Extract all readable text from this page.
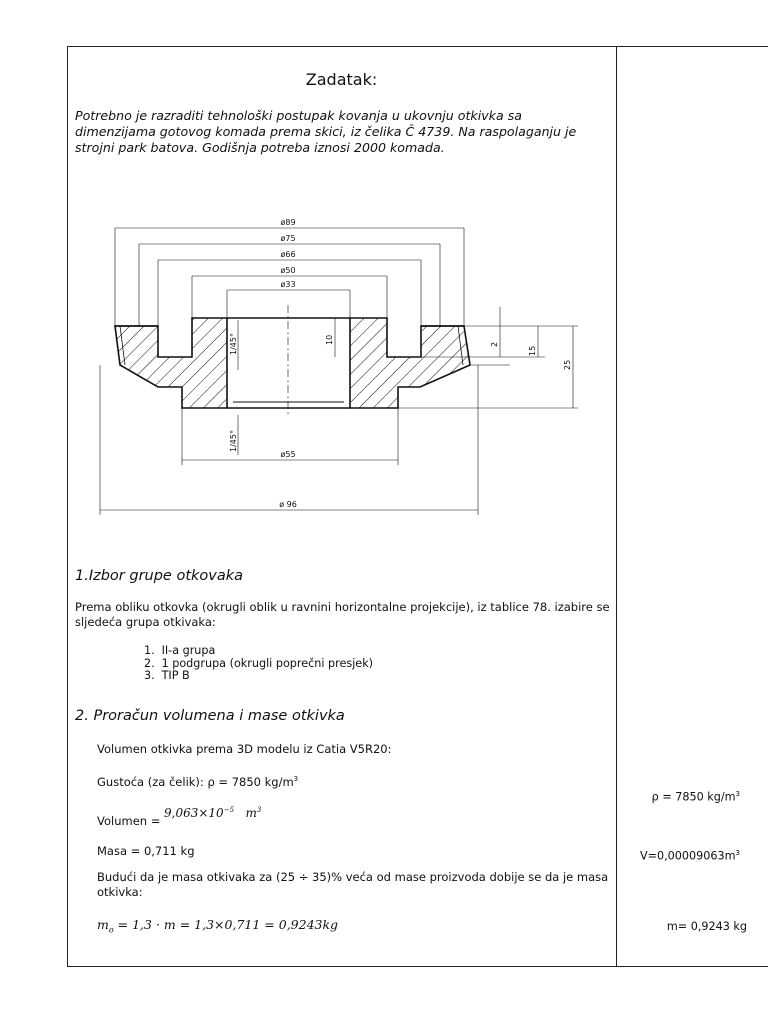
Zadatak:
Potrebno je razraditi tehnološki postupak kovanja u ukovnju otkivka sa dimenzijama gotovog komada prema skici, iz čelika Č 4739. Na raspolaganju je strojni park batova. Godišnja potreba iznosi 2000 komada.
ø89
ø75
ø66
ø50
ø33
ø55
ø 96
1/45°
1/45°
10	2
15
25
1.Izbor grupe otkovaka
Prema obliku otkovka (okrugli oblik u ravnini horizontalne projekcije), iz tablice 78. izabire se sljedeća grupa otkivaka:
1. II-a grupa
2. 1 podgrupa (okrugli poprečni presjek)
3. TIP B
2. Proračun volumena i mase otkivka
Volumen otkivka prema 3D modelu iz Catia V5R20:
Gustoća (za čelik): ρ = 7850 $kg/m^3$
Volumen = $9,063\times 10^{-5}$ $m^3$
Masa = 0,711 kg
Budući da je masa otkivaka za (25 ÷ 35)% veća od mase proizvoda dobije se da je masa otkivka:
$m_o = 1,3 \cdot m = 1,3\times 0,711 = 0,9243kg$
ρ = 7850 $kg/m^3$
$V=0,00009063m^3$
m= 0,9243 kg
